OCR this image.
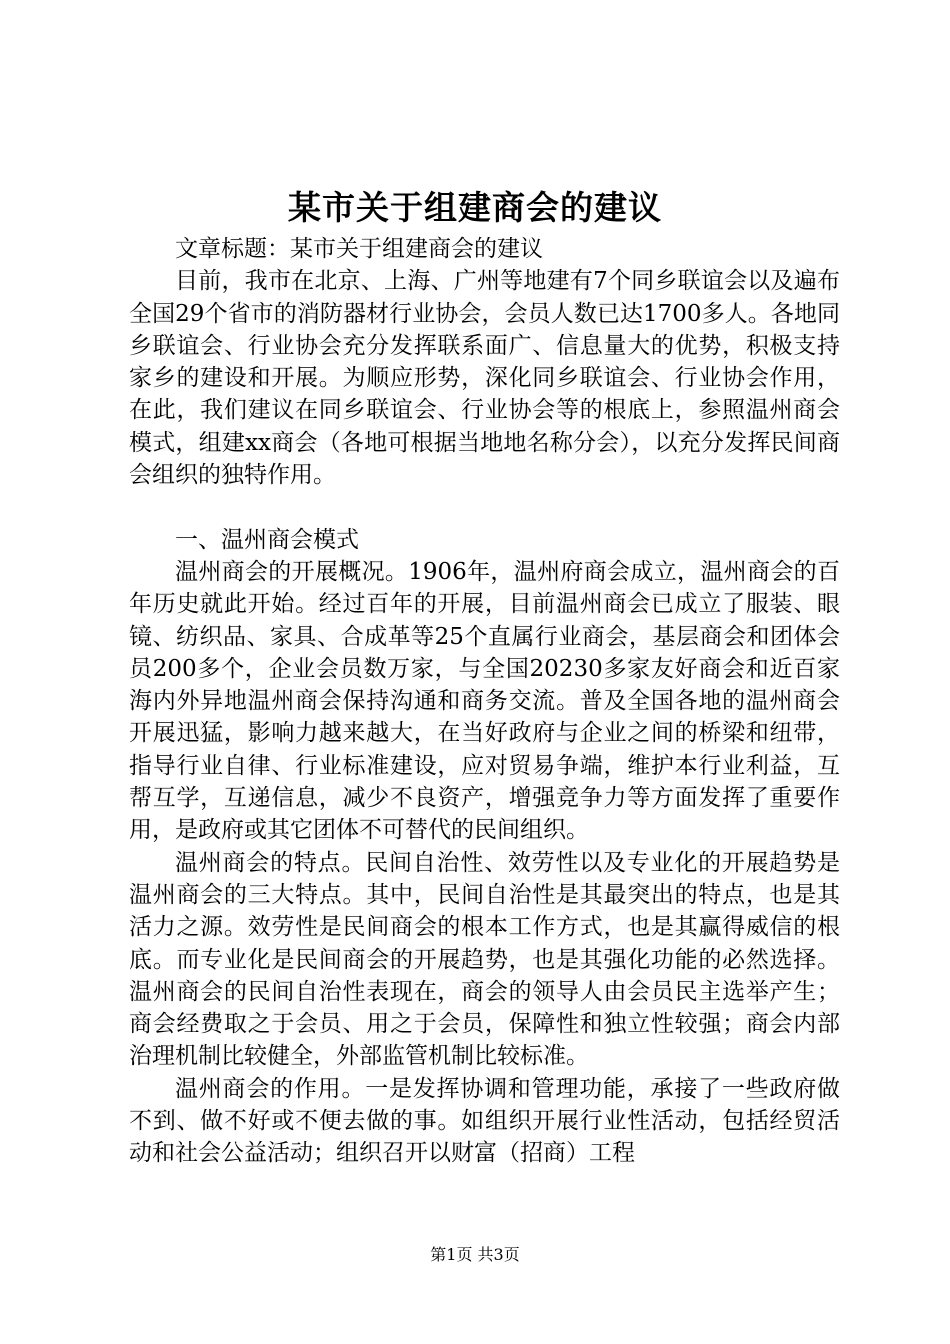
某市关于组建商会的建议

文章标题：某市关于组建商会的建议

目前，我市在北京、上海、广州等地建有7个同乡联谊会以及遍布全国29个省市的消防器材行业协会，会员人数已达1700多人。各地同乡联谊会、行业协会充分发挥联系面广、信息量大的优势，积极支持家乡的建设和开展。为顺应形势，深化同乡联谊会、行业协会作用，在此，我们建议在同乡联谊会、行业协会等的根底上，参照温州商会模式，组建xx商会（各地可根据当地地名称分会），以充分发挥民间商会组织的独特作用。

一、温州商会模式

温州商会的开展概况。1906年，温州府商会成立，温州商会的百年历史就此开始。经过百年的开展，目前温州商会已成立了服装、眼镜、纺织品、家具、合成革等25个直属行业商会，基层商会和团体会员200多个，企业会员数万家，与全国20230多家友好商会和近百家海内外异地温州商会保持沟通和商务交流。普及全国各地的温州商会开展迅猛，影响力越来越大，在当好政府与企业之间的桥梁和纽带，指导行业自律、行业标准建设，应对贸易争端，维护本行业利益，互帮互学，互递信息，减少不良资产，增强竞争力等方面发挥了重要作用，是政府或其它团体不可替代的民间组织。

温州商会的特点。民间自治性、效劳性以及专业化的开展趋势是温州商会的三大特点。其中，民间自治性是其最突出的特点，也是其活力之源。效劳性是民间商会的根本工作方式，也是其赢得威信的根底。而专业化是民间商会的开展趋势，也是其强化功能的必然选择。温州商会的民间自治性表现在，商会的领导人由会员民主选举产生；商会经费取之于会员、用之于会员，保障性和独立性较强；商会内部治理机制比较健全，外部监管机制比较标准。

温州商会的作用。一是发挥协调和管理功能，承接了一些政府做不到、做不好或不便去做的事。如组织开展行业性活动，包括经贸活动和社会公益活动；组织召开以财富（招商）工程

第1页 共3页
